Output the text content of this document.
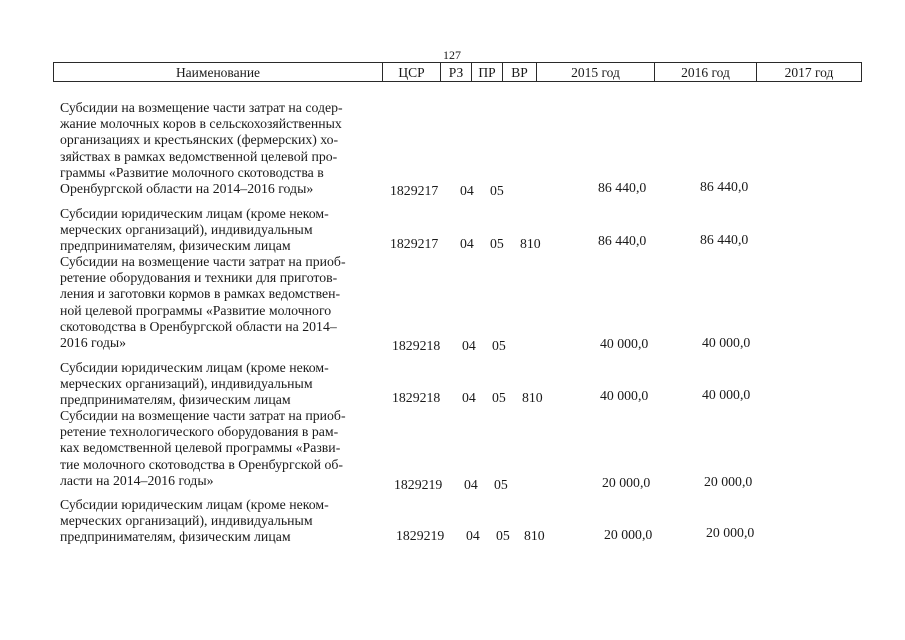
127
Наименование	ЦСР	РЗ	ПР	ВР	2015 год	2016 год	2017 год
Субсидии на возмещение части затрат на содер-
жание молочных коров в сельскохозяйственных
организациях и крестьянских (фермерских) хо-
зяйствах в рамках ведомственной целевой про-
граммы «Развитие молочного скотоводства в
Оренбургской области на 2014–2016 годы»	1829217 04 05	86 440,0	86 440,0
Субсидии юридическим лицам (кроме неком-
мерческих организаций), индивидуальным
предпринимателям, физическим лицам	1829217 04 05 810	86 440,0	86 440,0
Субсидии на возмещение части затрат на приоб-
ретение оборудования и техники для приготов-
ления и заготовки кормов в рамках ведомствен-
ной целевой программы «Развитие молочного
скотоводства в Оренбургской области на 2014–
2016 годы»	1829218 04 05	40 000,0	40 000,0
Субсидии юридическим лицам (кроме неком-
мерческих организаций), индивидуальным
предпринимателям, физическим лицам	1829218 04 05 810	40 000,0	40 000,0
Субсидии на возмещение части затрат на приоб-
ретение технологического оборудования в рам-
ках ведомственной целевой программы «Разви-
тие молочного скотоводства в Оренбургской об-
ласти на 2014–2016 годы»	1829219 04 05	20 000,0	20 000,0
Субсидии юридическим лицам (кроме неком-
мерческих организаций), индивидуальным
предпринимателям, физическим лицам	1829219 04 05 810	20 000,0	20 000,0
